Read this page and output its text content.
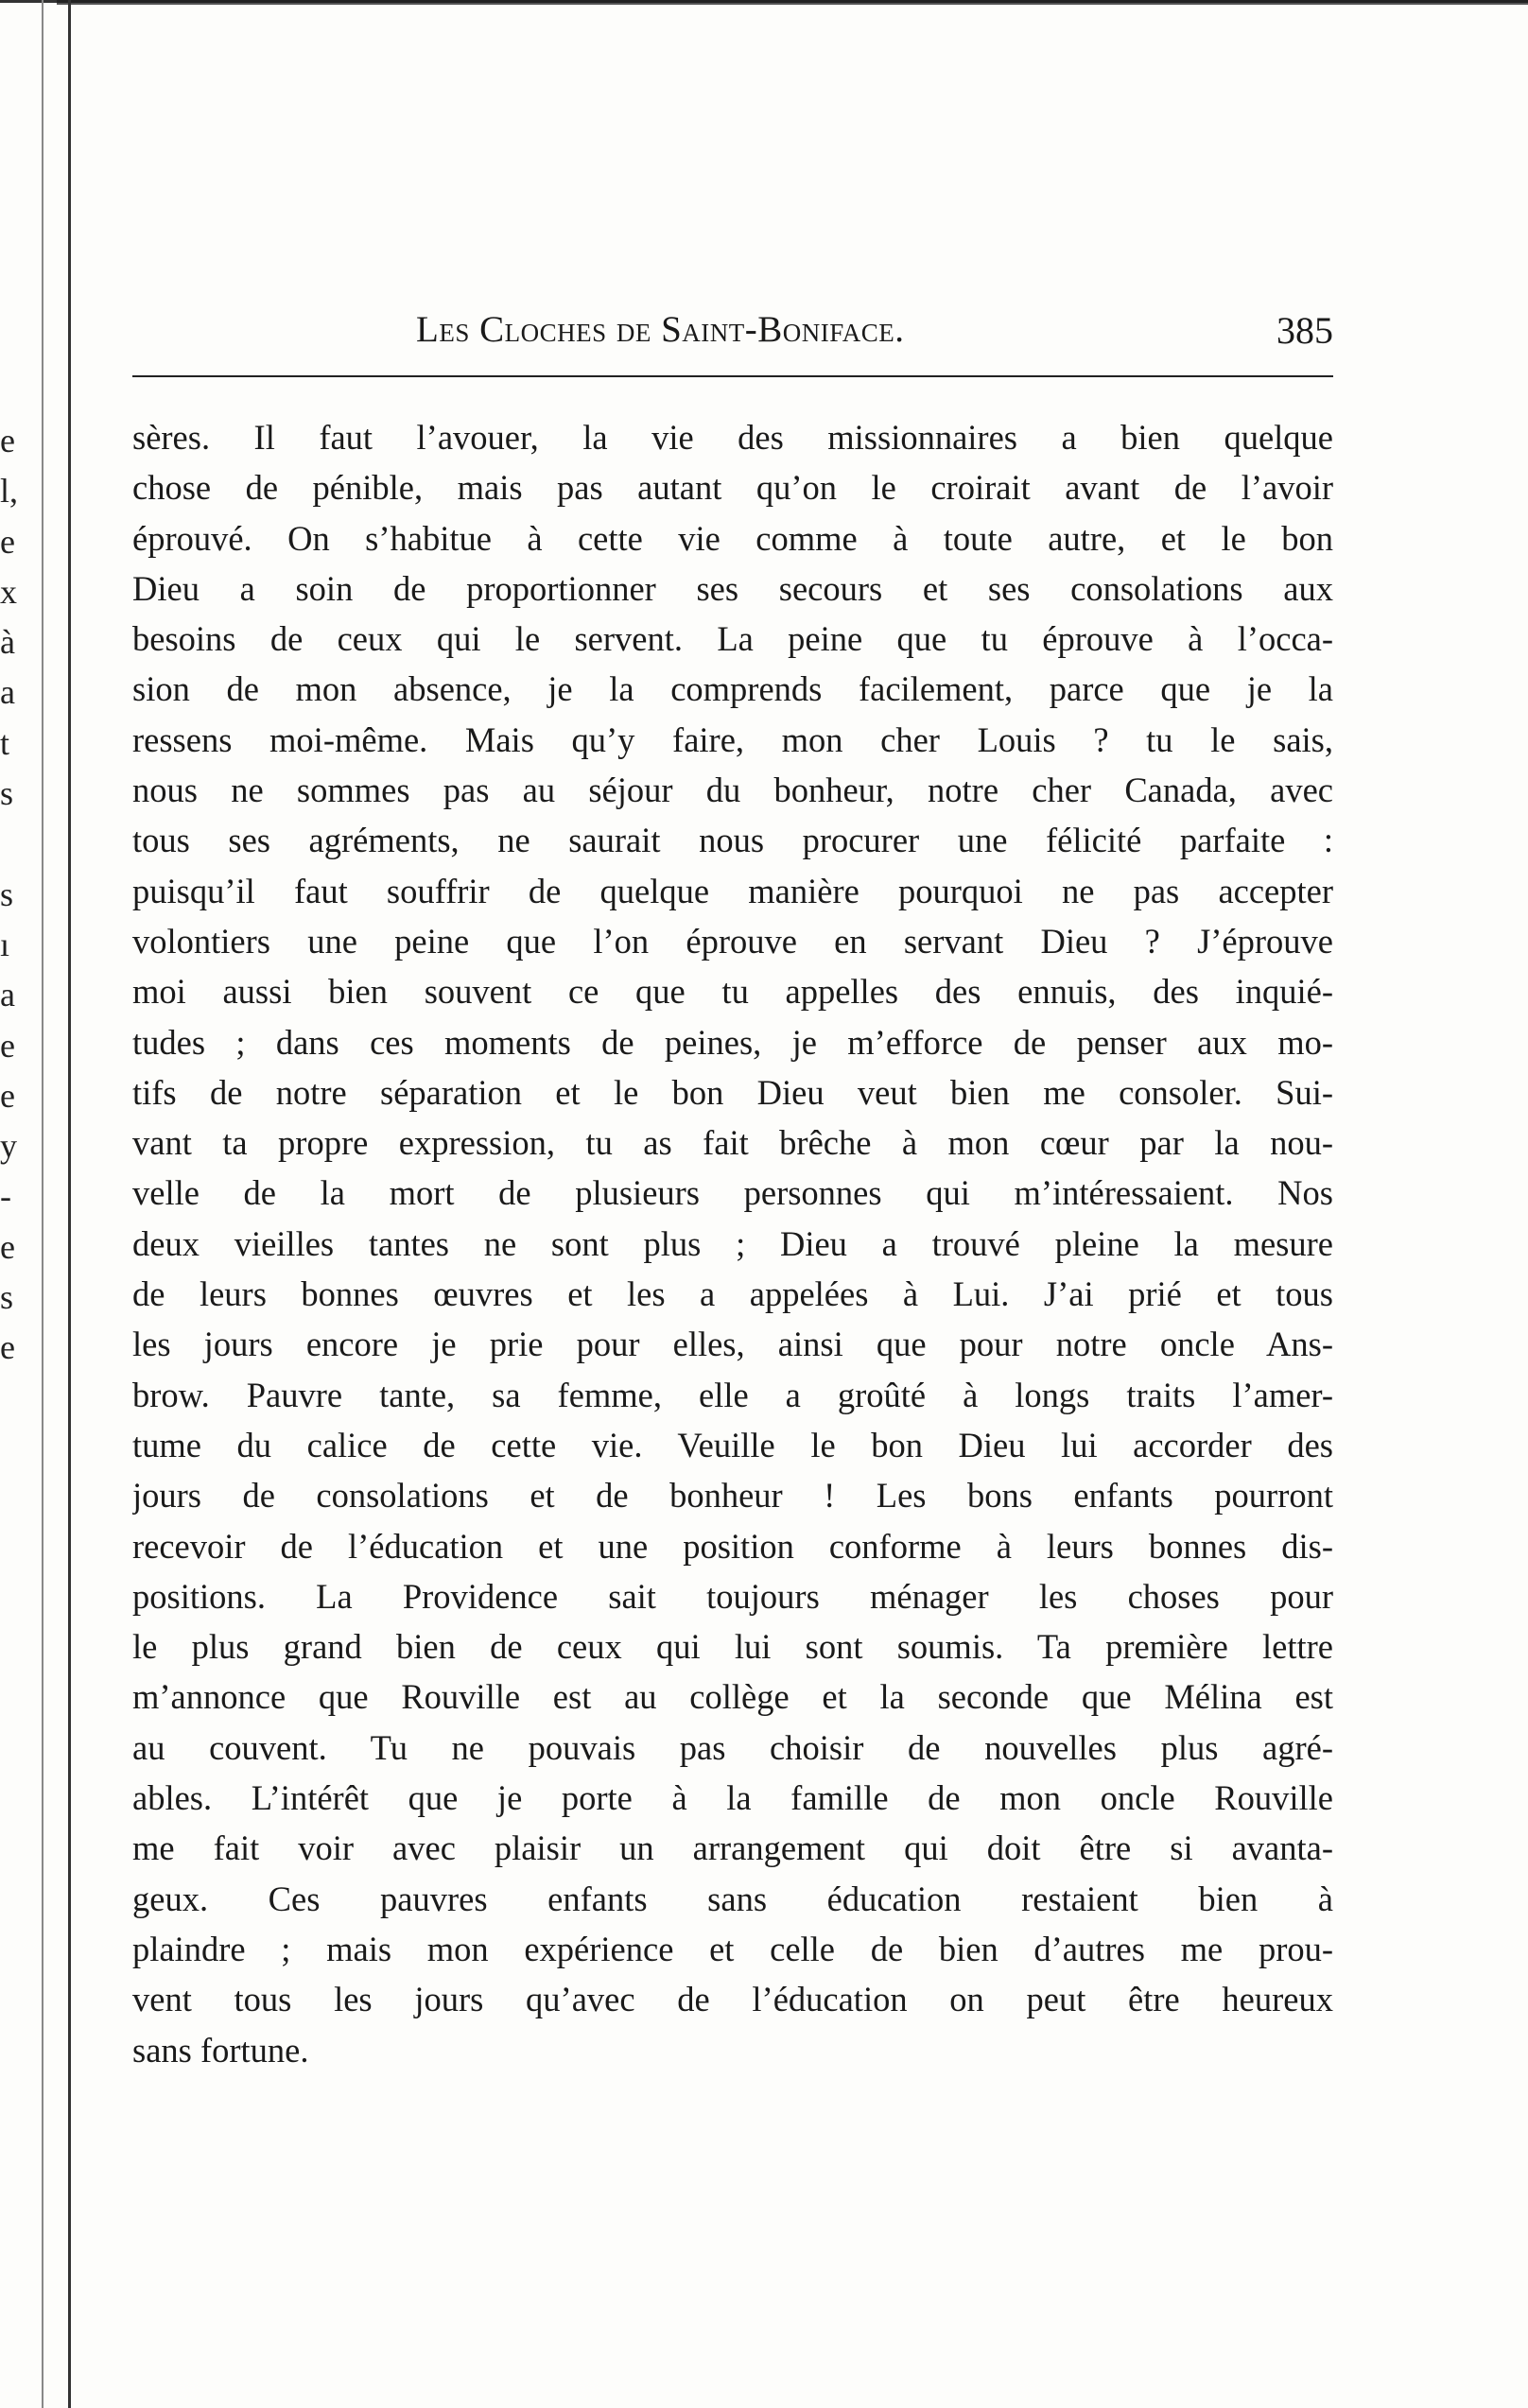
e
l,
e
x
à
a
t
s
s
ı
a
e
e
y
-
e
s
e
Les Cloches de Saint-Boniface.	385
sères. Il faut l’avouer, la vie des missionnaires a bien quelque
chose de pénible, mais pas autant qu’on le croirait avant de l’avoir
éprouvé. On s’habitue à cette vie comme à toute autre, et le bon
Dieu a soin de proportionner ses secours et ses consolations aux
besoins de ceux qui le servent. La peine que tu éprouve à l’occa-
sion de mon absence, je la comprends facilement, parce que je la
ressens moi-même. Mais qu’y faire, mon cher Louis ? tu le sais,
nous ne sommes pas au séjour du bonheur, notre cher Canada, avec
tous ses agréments, ne saurait nous procurer une félicité parfaite :
puisqu’il faut souffrir de quelque manière pourquoi ne pas accepter
volontiers une peine que l’on éprouve en servant Dieu ? J’éprouve
moi aussi bien souvent ce que tu appelles des ennuis, des inquié-
tudes ; dans ces moments de peines, je m’efforce de penser aux mo-
tifs de notre séparation et le bon Dieu veut bien me consoler. Sui-
vant ta propre expression, tu as fait brêche à mon cœur par la nou-
velle de la mort de plusieurs personnes qui m’intéressaient. Nos
deux vieilles tantes ne sont plus ; Dieu a trouvé pleine la mesure
de leurs bonnes œuvres et les a appelées à Lui. J’ai prié et tous
les jours encore je prie pour elles, ainsi que pour notre oncle Ans-
brow. Pauvre tante, sa femme, elle a groûté à longs traits l’amer-
tume du calice de cette vie. Veuille le bon Dieu lui accorder des
jours de consolations et de bonheur ! Les bons enfants pourront
recevoir de l’éducation et une position conforme à leurs bonnes dis-
positions. La Providence sait toujours ménager les choses pour
le plus grand bien de ceux qui lui sont soumis. Ta première lettre
m’annonce que Rouville est au collège et la seconde que Mélina est
au couvent. Tu ne pouvais pas choisir de nouvelles plus agré-
ables. L’intérêt que je porte à la famille de mon oncle Rouville
me fait voir avec plaisir un arrangement qui doit être si avanta-
geux. Ces pauvres enfants sans éducation restaient bien à
plaindre ; mais mon expérience et celle de bien d’autres me prou-
vent tous les jours qu’avec de l’éducation on peut être heureux
sans fortune.
